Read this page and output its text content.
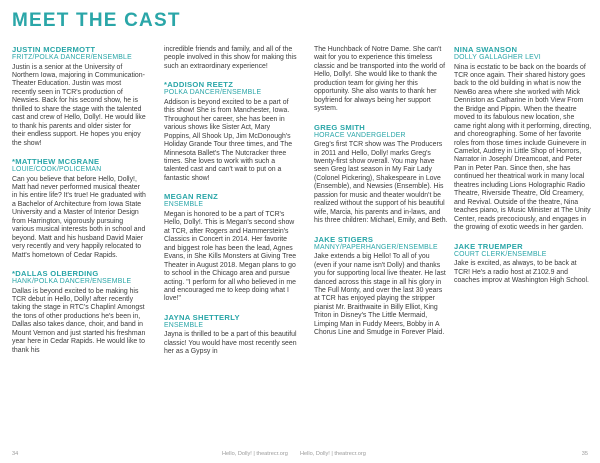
MEET THE CAST
JUSTIN MCDERMOTT
FRITZ/POLKA DANCER/ENSEMBLE
Justin is a senior at the University of Northern Iowa, majoring in Communication-Theater Education. Justin was most recently seen in TCR's production of Newsies. Back for his second show, he is thrilled to share the stage with the talented cast and crew of Hello, Dolly!. He would like to thank his parents and older sister for their endless support. He hopes you enjoy the show!
*MATTHEW MCGRANE
LOUIE/COOK/POLICEMAN
Can you believe that before Hello, Dolly!, Matt had never performed musical theater in his entire life? It's true! He graduated with a Bachelor of Architecture from Iowa State University and a Master of Interior Design from Harrington, vigorously pursuing various musical interests both in school and beyond. Matt and his husband David Maier very recently and very happily relocated to Matt's hometown of Cedar Rapids.
*DALLAS OLBERDING
HANK/POLKA DANCER/ENSEMBLE
Dallas is beyond excited to be making his TCR debut in Hello, Dolly! after recently taking the stage in RTC's Chaplin! Amongst the tons of other productions he's been in, Dallas also takes dance, choir, and band in Mount Vernon and just started his freshman year here in Cedar Rapids. He would like to thank his
incredible friends and family, and all of the people involved in this show for making this such an extraordinary experience!
*ADDISON REETZ
POLKA DANCER/ENSEMBLE
Addison is beyond excited to be a part of this show! She is from Manchester, Iowa. Throughout her career, she has been in various shows like Sister Act, Mary Poppins, All Shook Up, Jim McDonough's Holiday Grande Tour three times, and The Minnesota Ballet's The Nutcracker three times. She loves to work with such a talented cast and can't wait to put on a fantastic show!
MEGAN RENZ
ENSEMBLE
Megan is honored to be a part of TCR's Hello, Dolly!. This is Megan's second show at TCR, after Rogers and Hammerstein's Classics in Concert in 2014. Her favorite and biggest role has been the lead, Agnes Evans, in She Kills Monsters at Giving Tree Theater in August 2018. Megan plans to go to school in the Chicago area and pursue acting. "I perform for all who believed in me and encouraged me to keep doing what I love!"
JAYNA SHETTERLY
ENSEMBLE
Jayna is thrilled to be a part of this beautiful classic! You would have most recently seen her as a Gypsy in
The Hunchback of Notre Dame. She can't wait for you to experience this timeless classic and be transported into the world of Hello, Dolly!. She would like to thank the production team for giving her this opportunity. She also wants to thank her boyfriend for always being her support system.
GREG SMITH
HORACE VANDERGELDER
Greg's first TCR show was The Producers in 2011 and Hello, Dolly! marks Greg's twenty-first show overall. You may have seen Greg last season in My Fair Lady (Colonel Pickering), Shakespeare in Love (Ensemble), and Newsies (Ensemble). His passion for music and theater wouldn't be realized without the support of his beautiful wife, Marcia, his parents and in-laws, and his three children: Michael, Emily, and Beth.
JAKE STIGERS
MANNY/PAPERHANGER/ENSEMBLE
Jake extends a big Hello! To all of you (even if your name isn't Dolly) and thanks you for supporting local live theater. He last danced across this stage in all his glory in The Full Monty, and over the last 30 years at TCR has enjoyed playing the stripper pianist Mr. Braithwaite in Billy Elliot, King Triton in Disney's The Little Mermaid, Limping Man in Fuddy Meers, Bobby in A Chorus Line and Smudge in Forever Plaid.
NINA SWANSON
DOLLY GALLAGHER LEVI
Nina is ecstatic to be back on the boards of TCR once again. Their shared history goes back to the old building in what is now the NewBo area where she worked with Mick Denniston as Catharine in both View From the Bridge and Pippin. When the theatre moved to its fabulous new location, she came right along with it performing, directing, and choreographing. Some of her favorite roles from those times include Guinevere in Camelot, Audrey in Little Shop of Horrors, Narrator in Joseph/ Dreamcoat, and Peter Pan in Peter Pan. Since then, she has continued her theatrical work in many local theatres including Lions Holographic Radio Theatre, Riverside Theatre, Old Creamery, and Revival. Outside of the theatre, Nina teaches piano, is Music Minister at The Unity Center, reads precociously, and engages in the growing of exotic weeds in her garden.
JAKE TRUEMPER
COURT CLERK/ENSEMBLE
Jake is excited, as always, to be back at TCR! He's a radio host at Z102.9 and coaches improv at Washington High School.
34	Hello, Dolly! | theatrecr.org Hello, Dolly! | theatrecr.org	35
